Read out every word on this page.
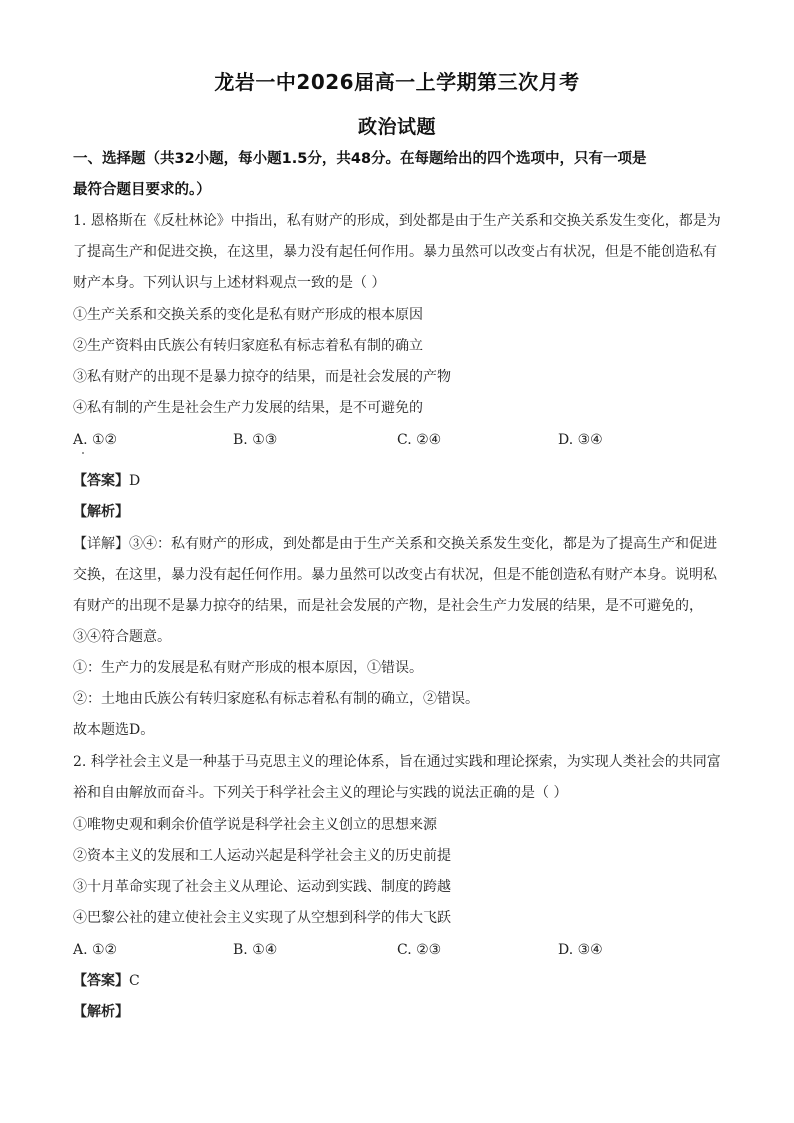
龙岩一中2026届高一上学期第三次月考
政治试题
一、选择题（共32小题，每小题1.5分，共48分。在每题给出的四个选项中，只有一项是
最符合题目要求的。）
1. 恩格斯在《反杜林论》中指出，私有财产的形成，到处都是由于生产关系和交换关系发生变化，都是为
了提高生产和促进交换，在这里，暴力没有起任何作用。暴力虽然可以改变占有状况，但是不能创造私有
财产本身。下列认识与上述材料观点一致的是（ ）
①生产关系和交换关系的变化是私有财产形成的根本原因
②生产资料由氏族公有转归家庭私有标志着私有制的确立
③私有财产的出现不是暴力掠夺的结果，而是社会发展的产物
④私有制的产生是社会生产力发展的结果，是不可避免的
A. ①②	B. ①③	C. ②④	D. ③④
【答案】D
【解析】
【详解】③④：私有财产的形成，到处都是由于生产关系和交换关系发生变化，都是为了提高生产和促进
交换，在这里，暴力没有起任何作用。暴力虽然可以改变占有状况，但是不能创造私有财产本身。说明私
有财产的出现不是暴力掠夺的结果，而是社会发展的产物，是社会生产力发展的结果，是不可避免的，
③④符合题意。
①：生产力的发展是私有财产形成的根本原因，①错误。
②：土地由氏族公有转归家庭私有标志着私有制的确立，②错误。
故本题选D。
2. 科学社会主义是一种基于马克思主义的理论体系，旨在通过实践和理论探索，为实现人类社会的共同富
裕和自由解放而奋斗。下列关于科学社会主义的理论与实践的说法正确的是（ ）
①唯物史观和剩余价值学说是科学社会主义创立的思想来源
②资本主义的发展和工人运动兴起是科学社会主义的历史前提
③十月革命实现了社会主义从理论、运动到实践、制度的跨越
④巴黎公社的建立使社会主义实现了从空想到科学的伟大飞跃
A. ①②	B. ①④	C. ②③	D. ③④
【答案】C
【解析】
